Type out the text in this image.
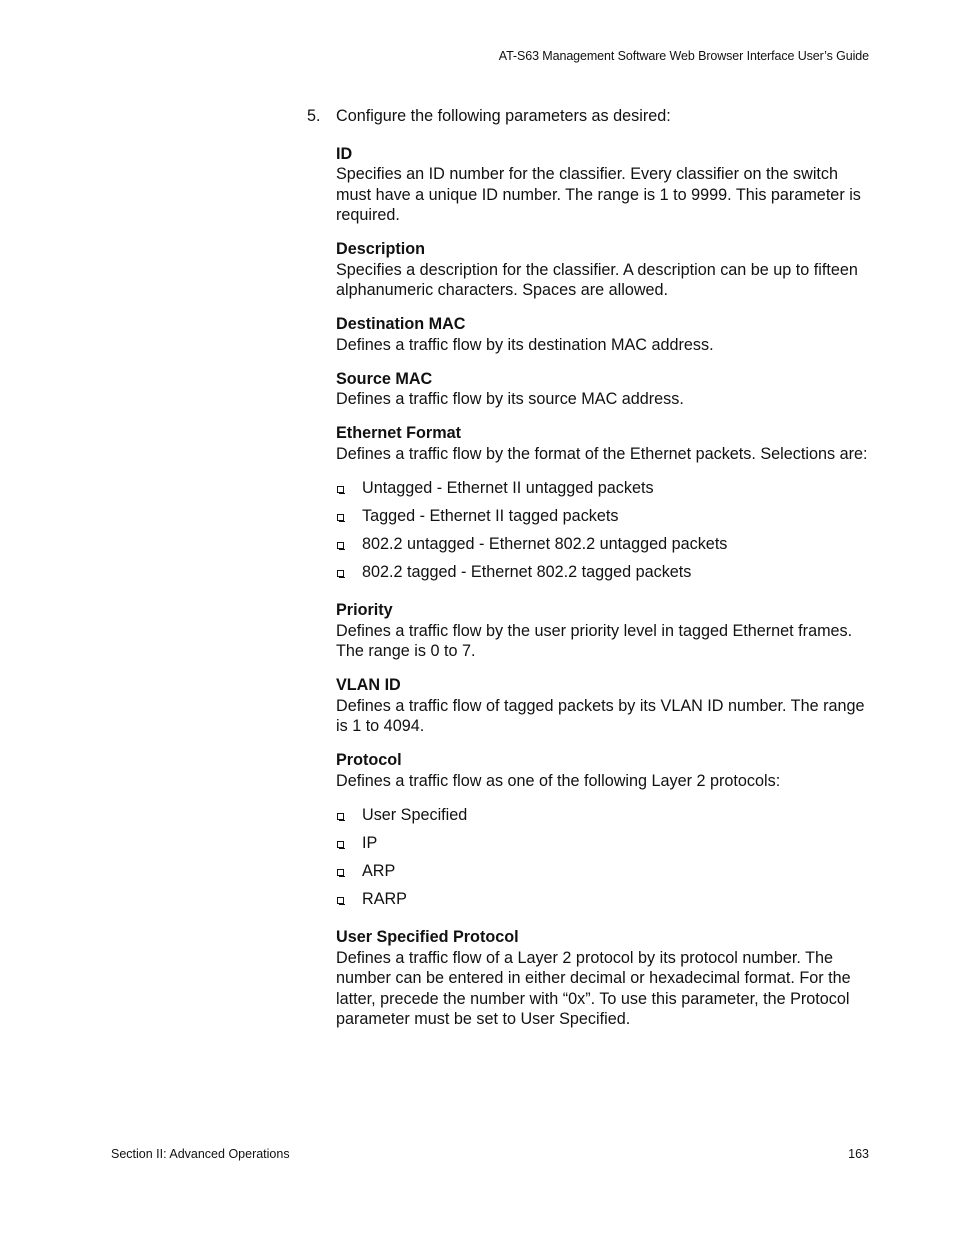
AT-S63 Management Software Web Browser Interface User’s Guide
5. Configure the following parameters as desired:
ID
Specifies an ID number for the classifier. Every classifier on the switch must have a unique ID number. The range is 1 to 9999. This parameter is required.
Description
Specifies a description for the classifier. A description can be up to fifteen alphanumeric characters. Spaces are allowed.
Destination MAC
Defines a traffic flow by its destination MAC address.
Source MAC
Defines a traffic flow by its source MAC address.
Ethernet Format
Defines a traffic flow by the format of the Ethernet packets. Selections are:
Untagged - Ethernet II untagged packets
Tagged - Ethernet II tagged packets
802.2 untagged - Ethernet 802.2 untagged packets
802.2 tagged - Ethernet 802.2 tagged packets
Priority
Defines a traffic flow by the user priority level in tagged Ethernet frames. The range is 0 to 7.
VLAN ID
Defines a traffic flow of tagged packets by its VLAN ID number. The range is 1 to 4094.
Protocol
Defines a traffic flow as one of the following Layer 2 protocols:
User Specified
IP
ARP
RARP
User Specified Protocol
Defines a traffic flow of a Layer 2 protocol by its protocol number. The number can be entered in either decimal or hexadecimal format. For the latter, precede the number with “0x”. To use this parameter, the Protocol parameter must be set to User Specified.
Section II: Advanced Operations	163
